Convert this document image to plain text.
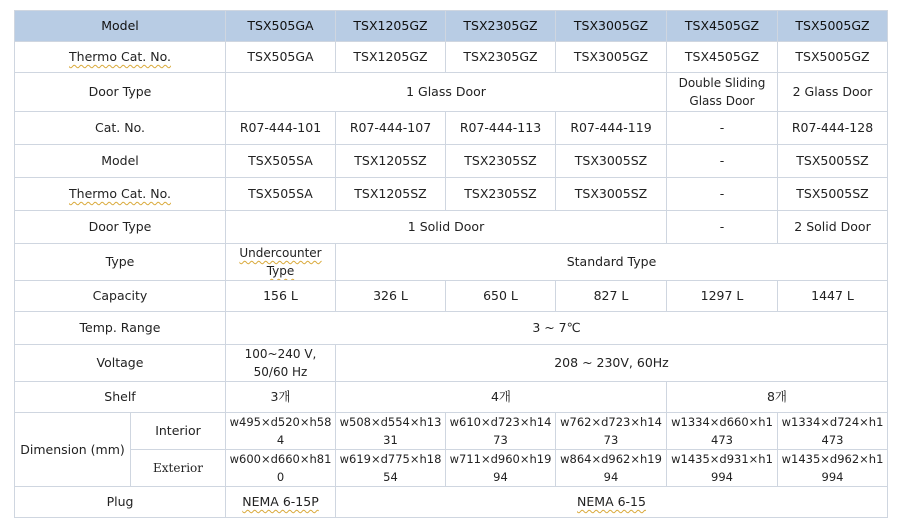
Model		TSX505GA	TSX1205GZ	TSX2305GZ	TSX3005GZ	TSX4505GZ	TSX5005GZ
Thermo Cat. No.		TSX505GA	TSX1205GZ	TSX2305GZ	TSX3005GZ	TSX4505GZ	TSX5005GZ
Door Type		1 Glass Door				Double Sliding Glass Door	2 Glass Door
Cat. No.		R07-444-101	R07-444-107	R07-444-113	R07-444-119	-	R07-444-128
Model		TSX505SA	TSX1205SZ	TSX2305SZ	TSX3005SZ	-	TSX5005SZ
Thermo Cat. No.		TSX505SA	TSX1205SZ	TSX2305SZ	TSX3005SZ	-	TSX5005SZ
Door Type		1 Solid Door				-	2 Solid Door
Type		Undercounter Type	Standard Type				
Capacity		156 L	326 L	650 L	827 L	1297 L	1447 L
Temp. Range		3 ~ 7℃					
Voltage		100~240 V, 50/60 Hz	208 ~ 230V, 60Hz				
Shelf		3개	4개			8개	
Dimension (mm)	Interior	w495×d520×h584	w508×d554×h1331	w610×d723×h1473	w762×d723×h1473	w1334×d660×h1473	w1334×d724×h1473
	Exterior	w600×d660×h810	w619×d775×h1854	w711×d960×h1994	w864×d962×h1994	w1435×d931×h1994	w1435×d962×h1994
Plug		NEMA 6-15P	NEMA 6-15				
